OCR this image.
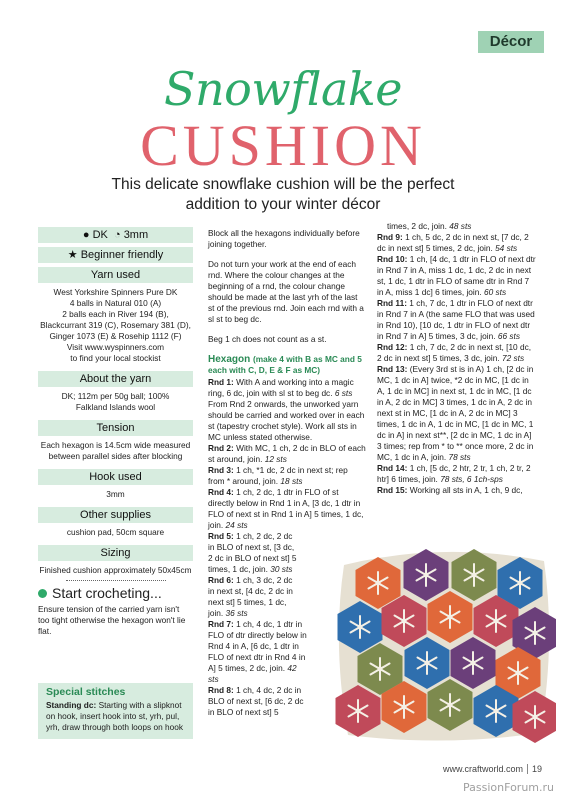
Décor
Snowflake
CUSHION
This delicate snowflake cushion will be the perfect
addition to your winter décor
● DK ◔ 3mm
★ Beginner friendly
Yarn used
West Yorkshire Spinners Pure DK
4 balls in Natural 010 (A)
2 balls each in River 194 (B),
Blackcurrant 319 (C), Rosemary 381 (D),
Ginger 1073 (E) & Rosehip 1112 (F)
Visit www.wyspinners.com
to find your local stockist
About the yarn
DK; 112m per 50g ball; 100%
Falkland Islands wool
Tension
Each hexagon is 14.5cm wide measured
between parallel sides after blocking
Hook used
3mm
Other supplies
cushion pad, 50cm square
Sizing
Finished cushion approximately 50x45cm
Start crocheting...
Ensure tension of the carried yarn isn't too tight otherwise the hexagon won't lie flat.
Special stitches
Standing dc: Starting with a slipknot on hook, insert hook into st, yrh, pul, yrh, draw through both loops on hook
Block all the hexagons individually before joining together.
Do not turn your work at the end of each rnd. Where the colour changes at the beginning of a rnd, the colour change should be made at the last yrh of the last st of the previous rnd. Join each rnd with a sl st to beg dc.
Beg 1 ch does not count as a st.
Hexagon (make 4 with B as MC and 5 each with C, D, E & F as MC)
Rnd 1: With A and working into a magic ring, 6 dc, join with sl st to beg dc. 6 sts
From Rnd 2 onwards, the unworked yarn should be carried and worked over in each st (tapestry crochet style). Work all sts in MC unless stated otherwise.
Rnd 2: With MC, 1 ch, 2 dc in BLO of each st around, join. 12 sts
Rnd 3: 1 ch, *1 dc, 2 dc in next st; rep from * around, join. 18 sts
Rnd 4: 1 ch, 2 dc, 1 dtr in FLO of st directly below in Rnd 1 in A, [3 dc, 1 dtr in FLO of next st in Rnd 1 in A] 5 times, 1 dc, join. 24 sts
Rnd 5: 1 ch, 2 dc, 2 dc in BLO of next st, [3 dc, 2 dc in BLO of next st] 5 times, 1 dc, join. 30 sts
Rnd 6: 1 ch, 3 dc, 2 dc in next st, [4 dc, 2 dc in next st] 5 times, 1 dc, join. 36 sts
Rnd 7: 1 ch, 4 dc, 1 dtr in FLO of dtr directly below in Rnd 4 in A, [6 dc, 1 dtr in FLO of next dtr in Rnd 4 in A] 5 times, 2 dc, join. 42 sts
Rnd 8: 1 ch, 4 dc, 2 dc in BLO of next st, [6 dc, 2 dc in BLO of next st] 5
times, 2 dc, join. 48 sts
Rnd 9: 1 ch, 5 dc, 2 dc in next st, [7 dc, 2 dc in next st] 5 times, 2 dc, join. 54 sts
Rnd 10: 1 ch, [4 dc, 1 dtr in FLO of next dtr in Rnd 7 in A, miss 1 dc, 1 dc, 2 dc in next st, 1 dc, 1 dtr in FLO of same dtr in Rnd 7 in A, miss 1 dc] 6 times, join. 60 sts
Rnd 11: 1 ch, 7 dc, 1 dtr in FLO of next dtr in Rnd 7 in A (the same FLO that was used in Rnd 10), [10 dc, 1 dtr in FLO of next dtr in Rnd 7 in A] 5 times, 3 dc, join. 66 sts
Rnd 12: 1 ch, 7 dc, 2 dc in next st, [10 dc, 2 dc in next st] 5 times, 3 dc, join. 72 sts
Rnd 13: (Every 3rd st is in A) 1 ch, [2 dc in MC, 1 dc in A] twice, *2 dc in MC, [1 dc in A, 1 dc in MC] in next st, 1 dc in MC, [1 dc in A, 2 dc in MC] 3 times, 1 dc in A, 2 dc in next st in MC, [1 dc in A, 2 dc in MC] 3 times, 1 dc in A, 1 dc in MC, [1 dc in MC, 1 dc in A] in next st**, [2 dc in MC, 1 dc in A] 3 times; rep from * to ** once more, 2 dc in MC, 1 dc in A, join. 78 sts
Rnd 14: 1 ch, [5 dc, 2 htr, 2 tr, 1 ch, 2 tr, 2 htr] 6 times, join. 78 sts, 6 1ch-sps
Rnd 15: Working all sts in A, 1 ch, 9 dc,
www.craftworld.com 19
PassionForum.ru
